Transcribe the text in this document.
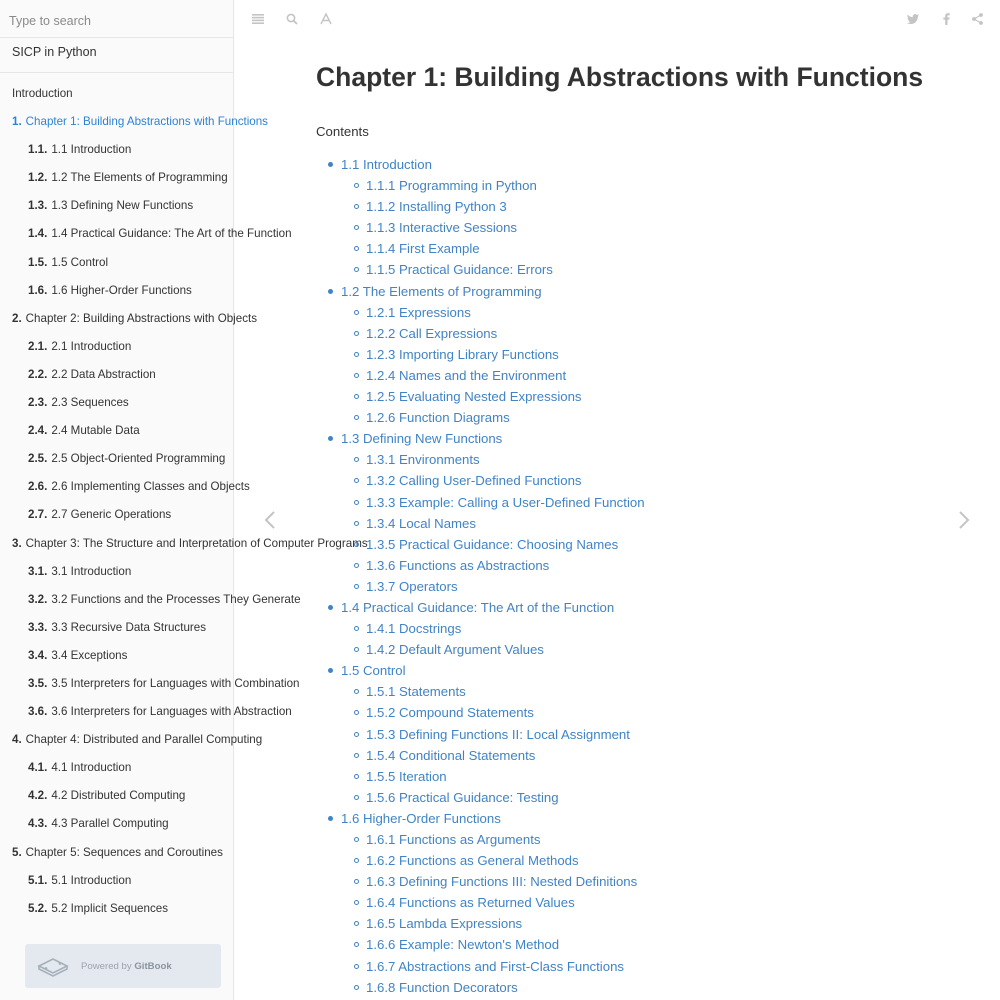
Type to search
SICP in Python
Introduction
1. Chapter 1: Building Abstractions with Functions
1.1. 1.1 Introduction
1.2. 1.2 The Elements of Programming
1.3. 1.3 Defining New Functions
1.4. 1.4 Practical Guidance: The Art of the Function
1.5. 1.5 Control
1.6. 1.6 Higher-Order Functions
2. Chapter 2: Building Abstractions with Objects
2.1. 2.1 Introduction
2.2. 2.2 Data Abstraction
2.3. 2.3 Sequences
2.4. 2.4 Mutable Data
2.5. 2.5 Object-Oriented Programming
2.6. 2.6 Implementing Classes and Objects
2.7. 2.7 Generic Operations
3. Chapter 3: The Structure and Interpretation of Computer Programs
3.1. 3.1 Introduction
3.2. 3.2 Functions and the Processes They Generate
3.3. 3.3 Recursive Data Structures
3.4. 3.4 Exceptions
3.5. 3.5 Interpreters for Languages with Combination
3.6. 3.6 Interpreters for Languages with Abstraction
4. Chapter 4: Distributed and Parallel Computing
4.1. 4.1 Introduction
4.2. 4.2 Distributed Computing
4.3. 4.3 Parallel Computing
5. Chapter 5: Sequences and Coroutines
5.1. 5.1 Introduction
5.2. 5.2 Implicit Sequences
Powered by GitBook
Chapter 1: Building Abstractions with Functions
Contents
1.1 Introduction
1.1.1 Programming in Python
1.1.2 Installing Python 3
1.1.3 Interactive Sessions
1.1.4 First Example
1.1.5 Practical Guidance: Errors
1.2 The Elements of Programming
1.2.1 Expressions
1.2.2 Call Expressions
1.2.3 Importing Library Functions
1.2.4 Names and the Environment
1.2.5 Evaluating Nested Expressions
1.2.6 Function Diagrams
1.3 Defining New Functions
1.3.1 Environments
1.3.2 Calling User-Defined Functions
1.3.3 Example: Calling a User-Defined Function
1.3.4 Local Names
1.3.5 Practical Guidance: Choosing Names
1.3.6 Functions as Abstractions
1.3.7 Operators
1.4 Practical Guidance: The Art of the Function
1.4.1 Docstrings
1.4.2 Default Argument Values
1.5 Control
1.5.1 Statements
1.5.2 Compound Statements
1.5.3 Defining Functions II: Local Assignment
1.5.4 Conditional Statements
1.5.5 Iteration
1.5.6 Practical Guidance: Testing
1.6 Higher-Order Functions
1.6.1 Functions as Arguments
1.6.2 Functions as General Methods
1.6.3 Defining Functions III: Nested Definitions
1.6.4 Functions as Returned Values
1.6.5 Lambda Expressions
1.6.6 Example: Newton's Method
1.6.7 Abstractions and First-Class Functions
1.6.8 Function Decorators
